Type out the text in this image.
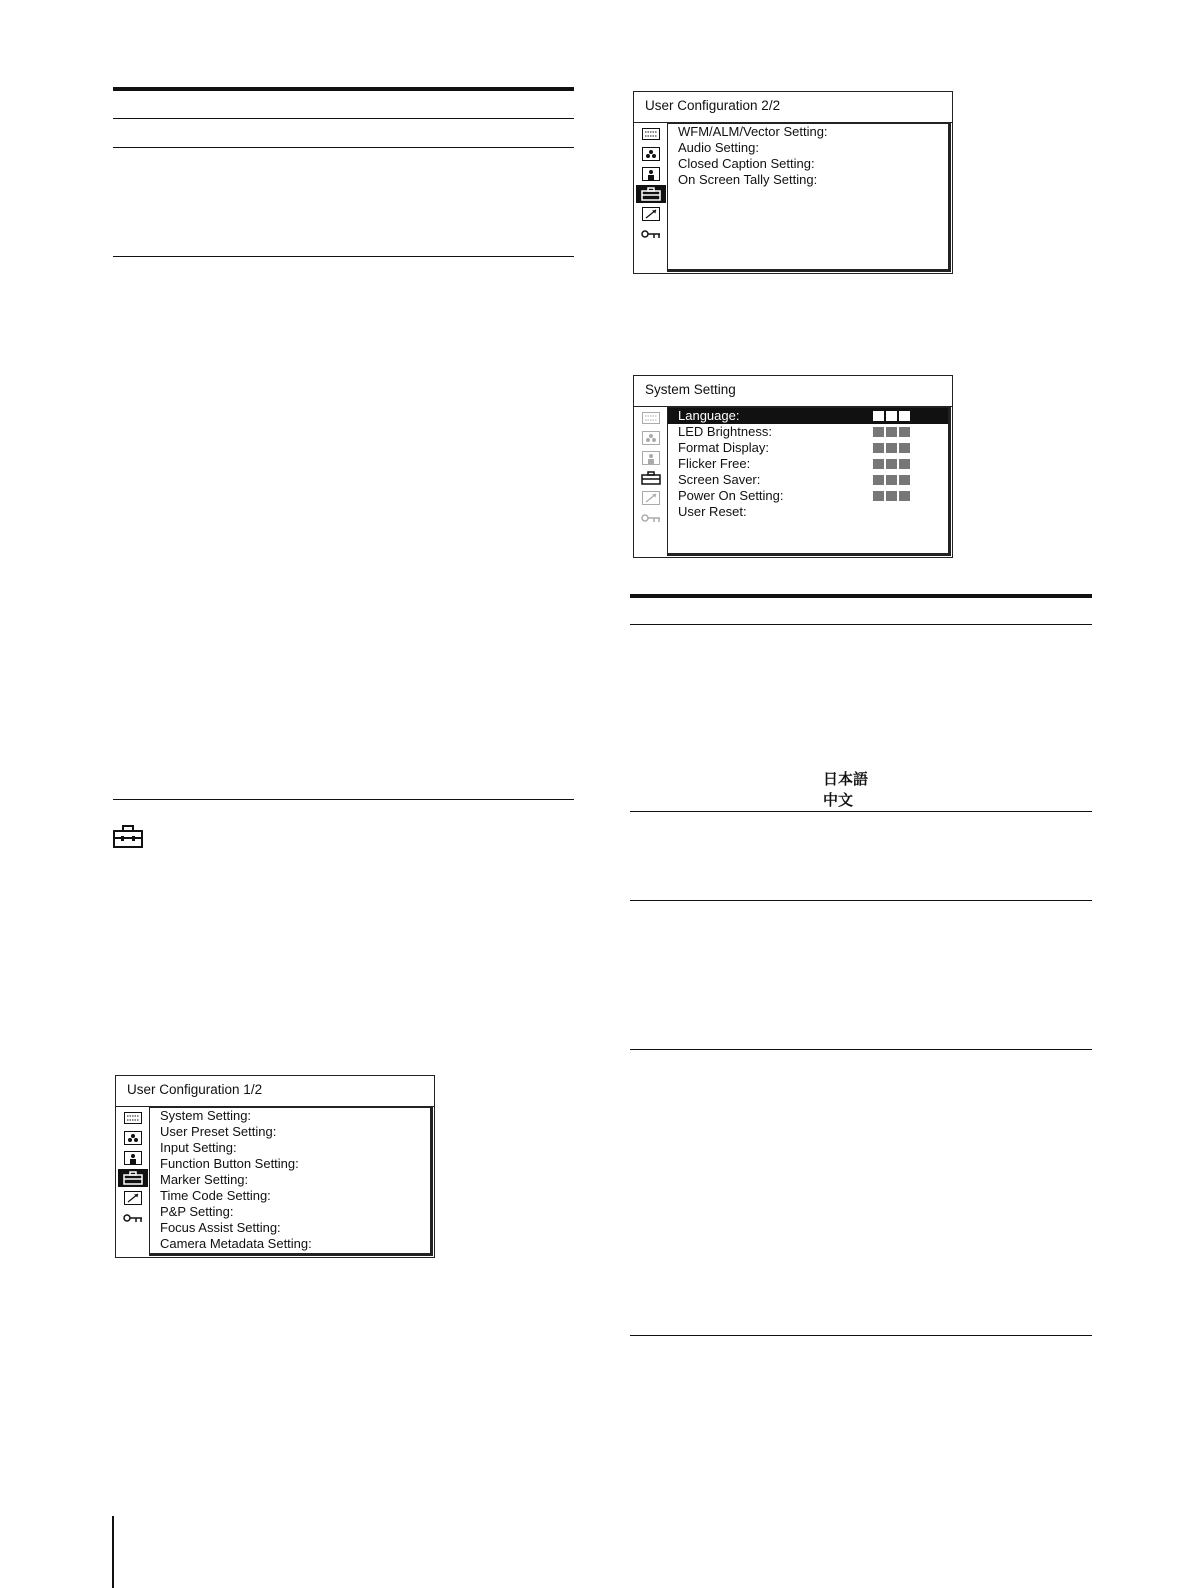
User Configuration 1/2
System Setting:
User Preset Setting:
Input Setting:
Function Button Setting:
Marker Setting:
Time Code Setting:
P&P Setting:
Focus Assist Setting:
Camera Metadata Setting:
User Configuration 2/2
WFM/ALM/Vector Setting:
Audio Setting:
Closed Caption Setting:
On Screen Tally Setting:
System Setting
Language:
LED Brightness:
Format Display:
Flicker Free:
Screen Saver:
Power On Setting:
User Reset:
日本語
中文
